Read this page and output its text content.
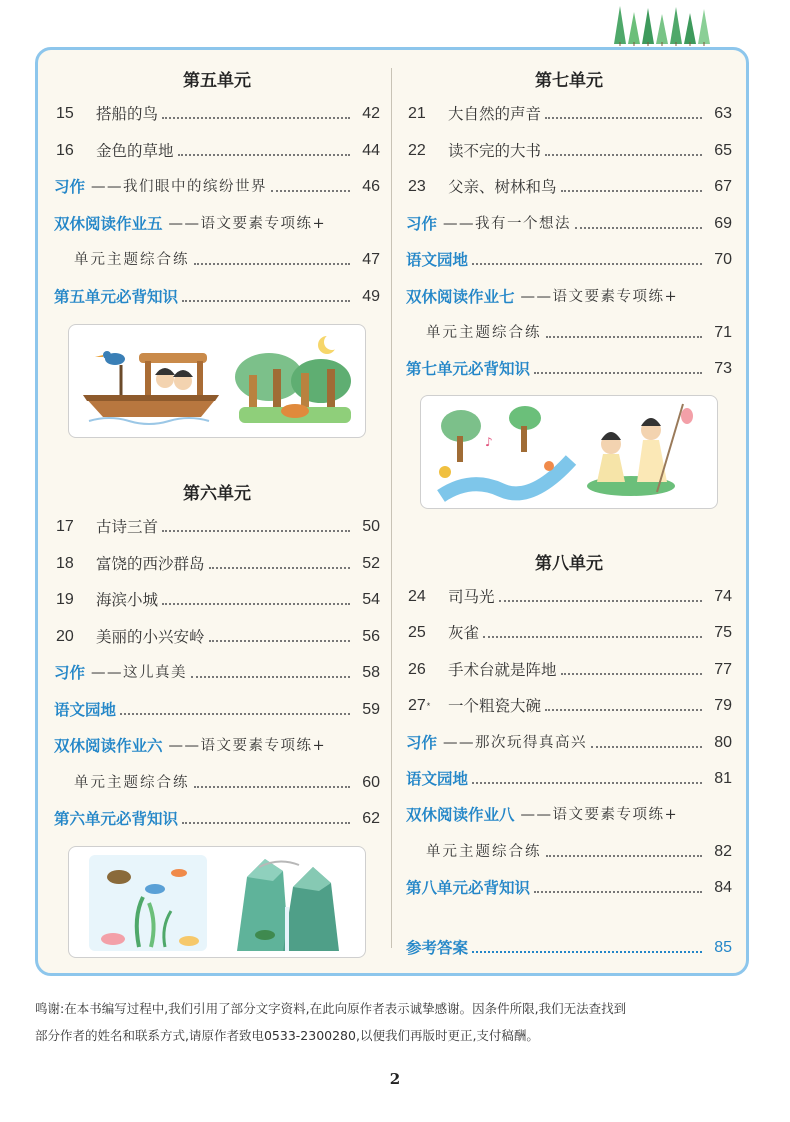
第五单元
15	搭船的鸟	42
16	金色的草地	44
习作 ——我们眼中的缤纷世界	46
双休阅读作业五 ——语文要素专项练+
单元主题综合练	47
第五单元必背知识	49
第六单元
17	古诗三首	50
18	富饶的西沙群岛	52
19	海滨小城	54
20	美丽的小兴安岭	56
习作 ——这儿真美	58
语文园地	59
双休阅读作业六 ——语文要素专项练+
单元主题综合练	60
第六单元必背知识	62
第七单元
21	大自然的声音	63
22	读不完的大书	65
23	父亲、树林和鸟	67
习作 ——我有一个想法	69
语文园地	70
双休阅读作业七 ——语文要素专项练+
单元主题综合练	71
第七单元必背知识	73
♪
第八单元
24	司马光	74
25	灰雀	75
26	手术台就是阵地	77
27*	一个粗瓷大碗	79
习作 ——那次玩得真高兴	80
语文园地	81
双休阅读作业八 ——语文要素专项练+
单元主题综合练	82
第八单元必背知识	84
参考答案	85
鸣谢:在本书编写过程中,我们引用了部分文字资料,在此向原作者表示诚挚感谢。因条件所限,我们无法查找到
部分作者的姓名和联系方式,请原作者致电0533-2300280,以便我们再版时更正,支付稿酬。
2
